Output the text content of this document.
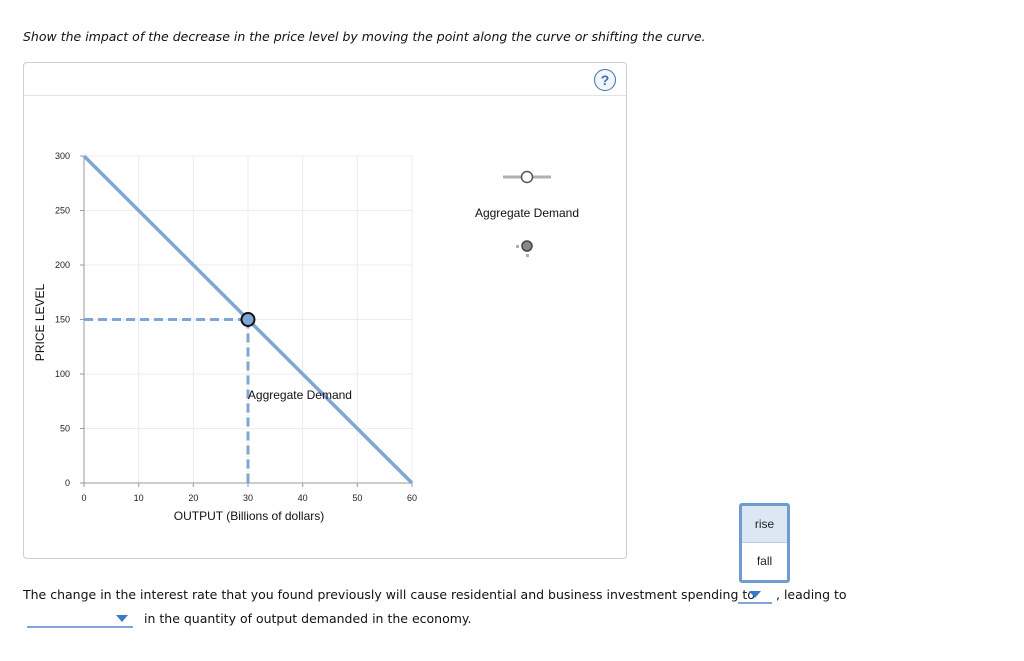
Show the impact of the decrease in the price level by moving the point along the curve or shifting the curve.
?
0	10	20	30	40	50	60
0
50
100
150
200
250
300
Aggregate Demand
OUTPUT (Billions of dollars)
PRICE LEVEL
Aggregate Demand
rise
fall
The change in the interest rate that you found previously will cause residential and business investment spending to , leading to
in the quantity of output demanded in the economy.
